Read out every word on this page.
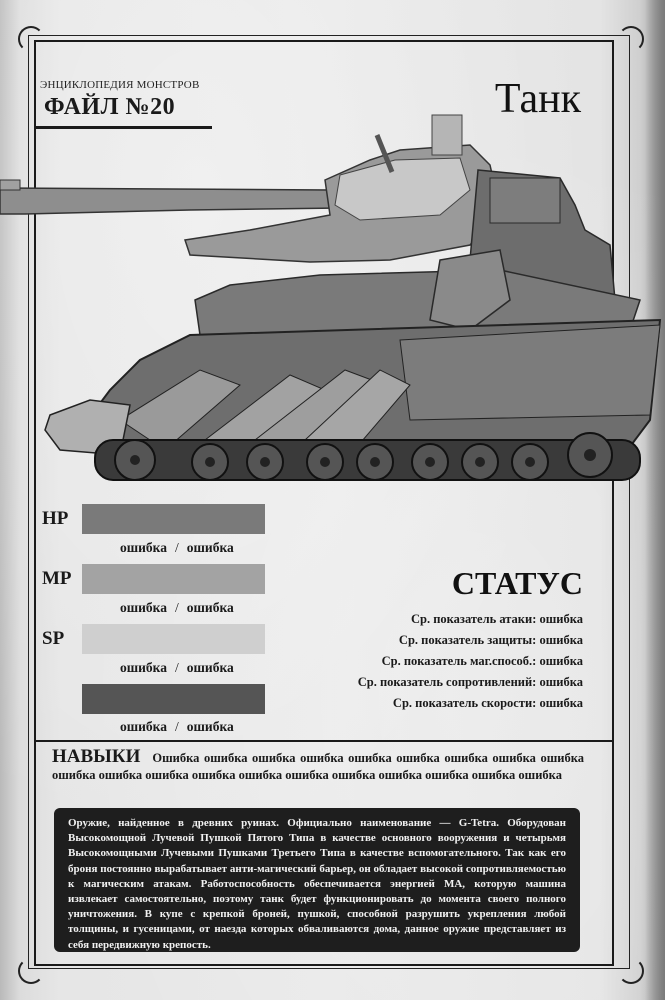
ЭНЦИКЛОПЕДИЯ МОНСТРОВ
ФАЙЛ №20	Танк
HP
ошибка / ошибка
MP
ошибка / ошибка
SP
ошибка / ошибка
ошибка / ошибка
СТАТУС
Ср. показатель атаки: ошибка
Ср. показатель защиты: ошибка
Ср. показатель маг.способ.: ошибка
Ср. показатель сопротивлений: ошибка
Ср. показатель скорости: ошибка
НАВЫКИ Ошибка ошибка ошибка ошибка ошибка ошибка ошибка ошибка ошибка ошибка ошибка ошибка ошибка ошибка ошибка ошибка ошибка ошибка ошибка ошибка
Оружие, найденное в древних руинах. Официально наименование — G-Tetra. Оборудован Высокомощной Лучевой Пушкой Пятого Типа в качестве основного вооружения и четырьмя Высокомощными Лучевыми Пушками Третьего Типа в качестве вспомогательного. Так как его броня постоянно вырабатывает анти-магический барьер, он обладает высокой сопротивляемостью к магическим атакам. Работоспособность обеспечивается энергией МА, которую машина извлекает самостоятельно, поэтому танк будет функционировать до момента своего полного уничтожения. В купе с крепкой броней, пушкой, способной разрушить укрепления любой толщины, и гусеницами, от наезда которых обваливаются дома, данное оружие представляет из себя передвижную крепость.
